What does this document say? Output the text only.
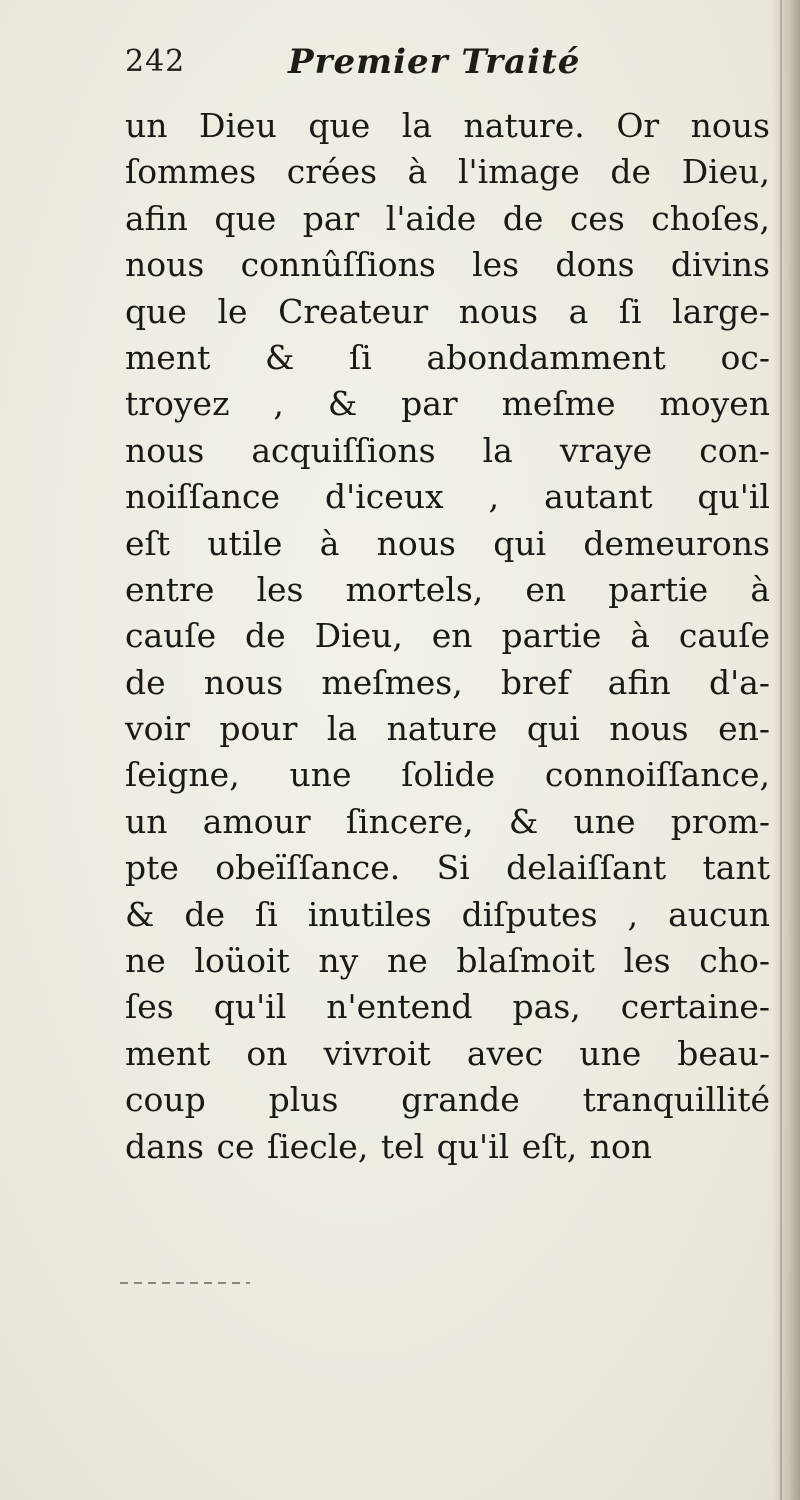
242	Premier Traité
un Dieu que la nature. Or nous
ſommes crées à l'image de Dieu,
afin que par l'aide de ces choſes,
nous connûſſions les dons divins
que le Createur nous a ſi large-
ment & ſi abondamment oc-
troyez , & par meſme moyen
nous acquiſſions la vraye con-
noiſſance d'iceux , autant qu'il
eſt utile à nous qui demeurons
entre les mortels, en partie à
cauſe de Dieu, en partie à cauſe
de nous meſmes, bref afin d'a-
voir pour la nature qui nous en-
ſeigne, une ſolide connoiſſance,
un amour ſincere, & une prom-
pte obeïſſance. Si delaiſſant tant
& de ſi inutiles diſputes , aucun
ne loüoit ny ne blaſmoit les cho-
ſes qu'il n'entend pas, certaine-
ment on vivroit avec une beau-
coup plus grande tranquillité
dans ce ſiecle, tel qu'il eſt, non
